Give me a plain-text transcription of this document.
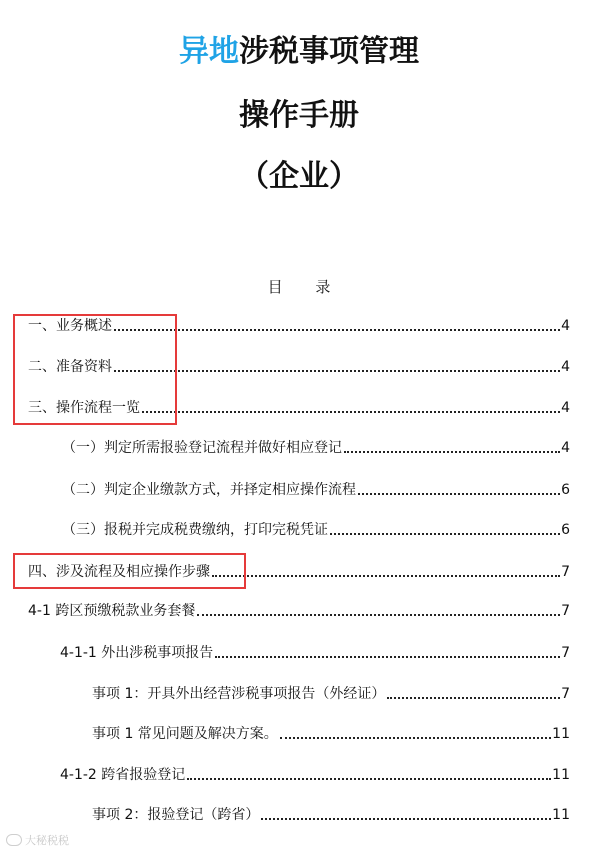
异地涉税事项管理
操作手册
（企业）
目 录
一、业务概述	4
二、准备资料	4
三、操作流程一览	4
（一）判定所需报验登记流程并做好相应登记	4
（二）判定企业缴款方式，并择定相应操作流程	6
（三）报税并完成税费缴纳，打印完税凭证	6
四、涉及流程及相应操作步骤	7
4-1 跨区预缴税款业务套餐	7
4-1-1 外出涉税事项报告	7
事项 1：开具外出经营涉税事项报告（外经证）	7
事项 1 常见问题及解决方案。	11
4-1-2 跨省报验登记	11
事项 2：报验登记（跨省）	11
大秘税税
